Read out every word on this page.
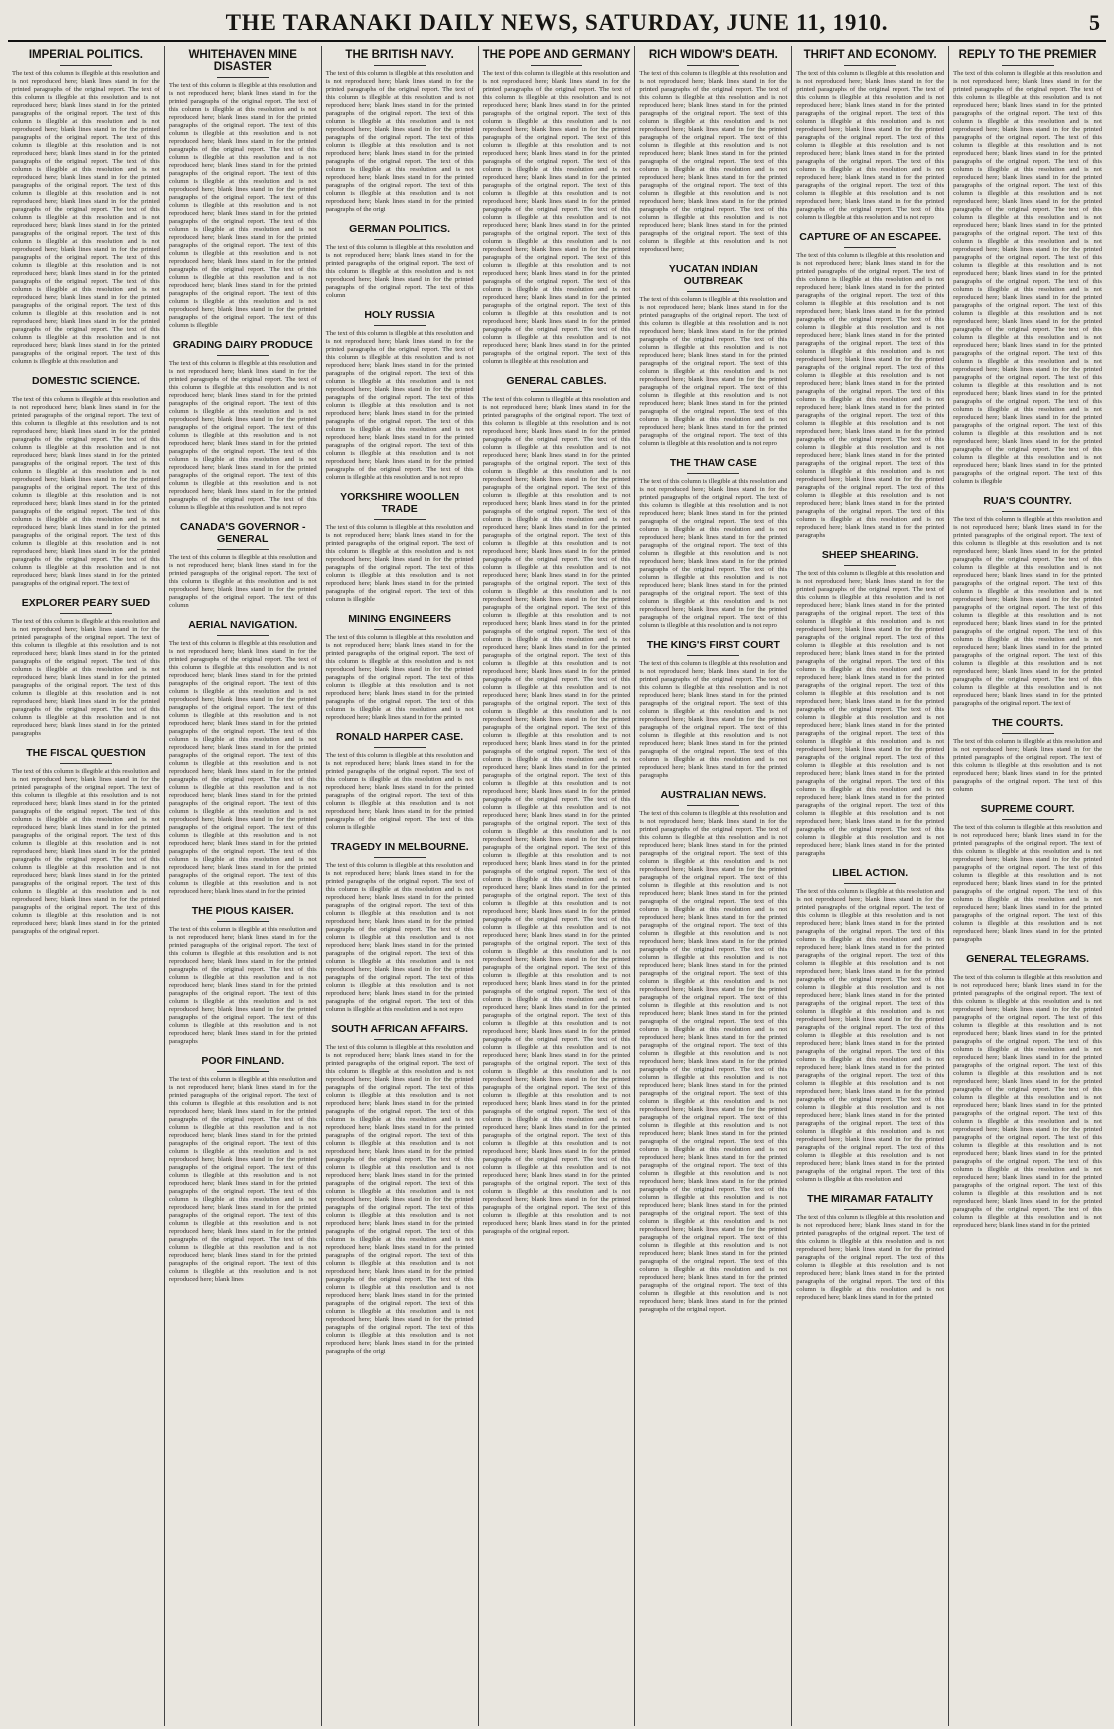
THE TARANAKI DAILY NEWS, SATURDAY, JUNE 11, 1910.	5
IMPERIAL POLITICS.

The text of this column is illegible at this resolution and is not reproduced here; blank lines stand in for the printed paragraphs of the original report. The text of this column is illegible at this resolution and is not reproduced here; blank lines stand in for the printed paragraphs of the original report. The text of this column is illegible at this resolution and is not reproduced here; blank lines stand in for the printed paragraphs of the original report. The text of this column is illegible at this resolution and is not reproduced here; blank lines stand in for the printed paragraphs of the original report. The text of this column is illegible at this resolution and is not reproduced here; blank lines stand in for the printed paragraphs of the original report. The text of this column is illegible at this resolution and is not reproduced here; blank lines stand in for the printed paragraphs of the original report. The text of this column is illegible at this resolution and is not reproduced here; blank lines stand in for the printed paragraphs of the original report. The text of this column is illegible at this resolution and is not reproduced here; blank lines stand in for the printed paragraphs of the original report. The text of this column is illegible at this resolution and is not reproduced here; blank lines stand in for the printed paragraphs of the original report. The text of this column is illegible at this resolution and is not reproduced here; blank lines stand in for the printed paragraphs of the original report. The text of this column is illegible at this resolution and is not reproduced here; blank lines stand in for the printed paragraphs of the original report. The text of this column is illegible at this resolution and is not reproduced here; blank lines stand in for the printed paragraphs of the original report. The text of this column is illegible at this resolution and

DOMESTIC SCIENCE.

The text of this column is illegible at this resolution and is not reproduced here; blank lines stand in for the printed paragraphs of the original report. The text of this column is illegible at this resolution and is not reproduced here; blank lines stand in for the printed paragraphs of the original report. The text of this column is illegible at this resolution and is not reproduced here; blank lines stand in for the printed paragraphs of the original report. The text of this column is illegible at this resolution and is not reproduced here; blank lines stand in for the printed paragraphs of the original report. The text of this column is illegible at this resolution and is not reproduced here; blank lines stand in for the printed paragraphs of the original report. The text of this column is illegible at this resolution and is not reproduced here; blank lines stand in for the printed paragraphs of the original report. The text of this column is illegible at this resolution and is not reproduced here; blank lines stand in for the printed paragraphs of the original report. The text of this column is illegible at this resolution and is not reproduced here; blank lines stand in for the printed paragraphs of the original report. The text of

EXPLORER PEARY SUED

The text of this column is illegible at this resolution and is not reproduced here; blank lines stand in for the printed paragraphs of the original report. The text of this column is illegible at this resolution and is not reproduced here; blank lines stand in for the printed paragraphs of the original report. The text of this column is illegible at this resolution and is not reproduced here; blank lines stand in for the printed paragraphs of the original report. The text of this column is illegible at this resolution and is not reproduced here; blank lines stand in for the printed paragraphs of the original report. The text of this column is illegible at this resolution and is not reproduced here; blank lines stand in for the printed paragraphs

THE FISCAL QUESTION

The text of this column is illegible at this resolution and is not reproduced here; blank lines stand in for the printed paragraphs of the original report. The text of this column is illegible at this resolution and is not reproduced here; blank lines stand in for the printed paragraphs of the original report. The text of this column is illegible at this resolution and is not reproduced here; blank lines stand in for the printed paragraphs of the original report. The text of this column is illegible at this resolution and is not reproduced here; blank lines stand in for the printed paragraphs of the original report. The text of this column is illegible at this resolution and is not reproduced here; blank lines stand in for the printed paragraphs of the original report. The text of this column is illegible at this resolution and is not reproduced here; blank lines stand in for the printed paragraphs of the original report. The text of this column is illegible at this resolution and is not reproduced here; blank lines stand in for the printed paragraphs of the original report.

WHITEHAVEN MINE DISASTER

The text of this column is illegible at this resolution and is not reproduced here; blank lines stand in for the printed paragraphs of the original report. The text of this column is illegible at this resolution and is not reproduced here; blank lines stand in for the printed paragraphs of the original report. The text of this column is illegible at this resolution and is not reproduced here; blank lines stand in for the printed paragraphs of the original report. The text of this column is illegible at this resolution and is not reproduced here; blank lines stand in for the printed paragraphs of the original report. The text of this column is illegible at this resolution and is not reproduced here; blank lines stand in for the printed paragraphs of the original report. The text of this column is illegible at this resolution and is not reproduced here; blank lines stand in for the printed paragraphs of the original report. The text of this column is illegible at this resolution and is not reproduced here; blank lines stand in for the printed paragraphs of the original report. The text of this column is illegible at this resolution and is not reproduced here; blank lines stand in for the printed paragraphs of the original report. The text of this column is illegible at this resolution and is not reproduced here; blank lines stand in for the printed paragraphs of the original report. The text of this column is illegible at this resolution and is not reproduced here; blank lines stand in for the printed paragraphs of the original report. The text of this column is illegible

GRADING DAIRY PRODUCE

The text of this column is illegible at this resolution and is not reproduced here; blank lines stand in for the printed paragraphs of the original report. The text of this column is illegible at this resolution and is not reproduced here; blank lines stand in for the printed paragraphs of the original report. The text of this column is illegible at this resolution and is not reproduced here; blank lines stand in for the printed paragraphs of the original report. The text of this column is illegible at this resolution and is not reproduced here; blank lines stand in for the printed paragraphs of the original report. The text of this column is illegible at this resolution and is not reproduced here; blank lines stand in for the printed paragraphs of the original report. The text of this column is illegible at this resolution and is not reproduced here; blank lines stand in for the printed paragraphs of the original report. The text of this column is illegible at this resolution and is not repro

CANADA'S GOVERNOR - GENERAL

The text of this column is illegible at this resolution and is not reproduced here; blank lines stand in for the printed paragraphs of the original report. The text of this column is illegible at this resolution and is not reproduced here; blank lines stand in for the printed paragraphs of the original report. The text of this column

AERIAL NAVIGATION.

The text of this column is illegible at this resolution and is not reproduced here; blank lines stand in for the printed paragraphs of the original report. The text of this column is illegible at this resolution and is not reproduced here; blank lines stand in for the printed paragraphs of the original report. The text of this column is illegible at this resolution and is not reproduced here; blank lines stand in for the printed paragraphs of the original report. The text of this column is illegible at this resolution and is not reproduced here; blank lines stand in for the printed paragraphs of the original report. The text of this column is illegible at this resolution and is not reproduced here; blank lines stand in for the printed paragraphs of the original report. The text of this column is illegible at this resolution and is not reproduced here; blank lines stand in for the printed paragraphs of the original report. The text of this column is illegible at this resolution and is not reproduced here; blank lines stand in for the printed paragraphs of the original report. The text of this column is illegible at this resolution and is not reproduced here; blank lines stand in for the printed paragraphs of the original report. The text of this column is illegible at this resolution and is not reproduced here; blank lines stand in for the printed paragraphs of the original report. The text of this column is illegible at this resolution and is not reproduced here; blank lines stand in for the printed paragraphs of the original report. The text of this column is illegible at this resolution and is not reproduced here; blank lines stand in for the printed

THE PIOUS KAISER.

The text of this column is illegible at this resolution and is not reproduced here; blank lines stand in for the printed paragraphs of the original report. The text of this column is illegible at this resolution and is not reproduced here; blank lines stand in for the printed paragraphs of the original report. The text of this column is illegible at this resolution and is not reproduced here; blank lines stand in for the printed paragraphs of the original report. The text of this column is illegible at this resolution and is not reproduced here; blank lines stand in for the printed paragraphs of the original report. The text of this column is illegible at this resolution and is not reproduced here; blank lines stand in for the printed paragraphs

POOR FINLAND.

The text of this column is illegible at this resolution and is not reproduced here; blank lines stand in for the printed paragraphs of the original report. The text of this column is illegible at this resolution and is not reproduced here; blank lines stand in for the printed paragraphs of the original report. The text of this column is illegible at this resolution and is not reproduced here; blank lines stand in for the printed paragraphs of the original report. The text of this column is illegible at this resolution and is not reproduced here; blank lines stand in for the printed paragraphs of the original report. The text of this column is illegible at this resolution and is not reproduced here; blank lines stand in for the printed paragraphs of the original report. The text of this column is illegible at this resolution and is not reproduced here; blank lines stand in for the printed paragraphs of the original report. The text of this column is illegible at this resolution and is not reproduced here; blank lines stand in for the printed paragraphs of the original report. The text of this column is illegible at this resolution and is not reproduced here; blank lines stand in for the printed paragraphs of the original report. The text of this column is illegible at this resolution and is not reproduced here; blank lines

THE BRITISH NAVY.

The text of this column is illegible at this resolution and is not reproduced here; blank lines stand in for the printed paragraphs of the original report. The text of this column is illegible at this resolution and is not reproduced here; blank lines stand in for the printed paragraphs of the original report. The text of this column is illegible at this resolution and is not reproduced here; blank lines stand in for the printed paragraphs of the original report. The text of this column is illegible at this resolution and is not reproduced here; blank lines stand in for the printed paragraphs of the original report. The text of this column is illegible at this resolution and is not reproduced here; blank lines stand in for the printed paragraphs of the original report. The text of this column is illegible at this resolution and is not reproduced here; blank lines stand in for the printed paragraphs of the origi

GERMAN POLITICS.

The text of this column is illegible at this resolution and is not reproduced here; blank lines stand in for the printed paragraphs of the original report. The text of this column is illegible at this resolution and is not reproduced here; blank lines stand in for the printed paragraphs of the original report. The text of this column

HOLY RUSSIA

The text of this column is illegible at this resolution and is not reproduced here; blank lines stand in for the printed paragraphs of the original report. The text of this column is illegible at this resolution and is not reproduced here; blank lines stand in for the printed paragraphs of the original report. The text of this column is illegible at this resolution and is not reproduced here; blank lines stand in for the printed paragraphs of the original report. The text of this column is illegible at this resolution and is not reproduced here; blank lines stand in for the printed paragraphs of the original report. The text of this column is illegible at this resolution and is not reproduced here; blank lines stand in for the printed paragraphs of the original report. The text of this column is illegible at this resolution and is not reproduced here; blank lines stand in for the printed paragraphs of the original report. The text of this column is illegible at this resolution and is not repro

YORKSHIRE WOOLLEN TRADE

The text of this column is illegible at this resolution and is not reproduced here; blank lines stand in for the printed paragraphs of the original report. The text of this column is illegible at this resolution and is not reproduced here; blank lines stand in for the printed paragraphs of the original report. The text of this column is illegible at this resolution and is not reproduced here; blank lines stand in for the printed paragraphs of the original report. The text of this column is illegible

MINING ENGINEERS

The text of this column is illegible at this resolution and is not reproduced here; blank lines stand in for the printed paragraphs of the original report. The text of this column is illegible at this resolution and is not reproduced here; blank lines stand in for the printed paragraphs of the original report. The text of this column is illegible at this resolution and is not reproduced here; blank lines stand in for the printed paragraphs of the original report. The text of this column is illegible at this resolution and is not reproduced here; blank lines stand in for the printed

RONALD HARPER CASE.

The text of this column is illegible at this resolution and is not reproduced here; blank lines stand in for the printed paragraphs of the original report. The text of this column is illegible at this resolution and is not reproduced here; blank lines stand in for the printed paragraphs of the original report. The text of this column is illegible at this resolution and is not reproduced here; blank lines stand in for the printed paragraphs of the original report. The text of this column is illegible

TRAGEDY IN MELBOURNE.

The text of this column is illegible at this resolution and is not reproduced here; blank lines stand in for the printed paragraphs of the original report. The text of this column is illegible at this resolution and is not reproduced here; blank lines stand in for the printed paragraphs of the original report. The text of this column is illegible at this resolution and is not reproduced here; blank lines stand in for the printed paragraphs of the original report. The text of this column is illegible at this resolution and is not reproduced here; blank lines stand in for the printed paragraphs of the original report. The text of this column is illegible at this resolution and is not reproduced here; blank lines stand in for the printed paragraphs of the original report. The text of this column is illegible at this resolution and is not reproduced here; blank lines stand in for the printed paragraphs of the original report. The text of this column is illegible at this resolution and is not repro

SOUTH AFRICAN AFFAIRS.

The text of this column is illegible at this resolution and is not reproduced here; blank lines stand in for the printed paragraphs of the original report. The text of this column is illegible at this resolution and is not reproduced here; blank lines stand in for the printed paragraphs of the original report. The text of this column is illegible at this resolution and is not reproduced here; blank lines stand in for the printed paragraphs of the original report. The text of this column is illegible at this resolution and is not reproduced here; blank lines stand in for the printed paragraphs of the original report. The text of this column is illegible at this resolution and is not reproduced here; blank lines stand in for the printed paragraphs of the original report. The text of this column is illegible at this resolution and is not reproduced here; blank lines stand in for the printed paragraphs of the original report. The text of this column is illegible at this resolution and is not reproduced here; blank lines stand in for the printed paragraphs of the original report. The text of this column is illegible at this resolution and is not reproduced here; blank lines stand in for the printed paragraphs of the original report. The text of this column is illegible at this resolution and is not reproduced here; blank lines stand in for the printed paragraphs of the original report. The text of this column is illegible at this resolution and is not reproduced here; blank lines stand in for the printed paragraphs of the original report. The text of this column is illegible at this resolution and is not reproduced here; blank lines stand in for the printed paragraphs of the original report. The text of this column is illegible at this resolution and is not reproduced here; blank lines stand in for the printed paragraphs of the original report. The text of this column is illegible at this resolution and is not reproduced here; blank lines stand in for the printed paragraphs of the origi

THE POPE AND GERMANY

The text of this column is illegible at this resolution and is not reproduced here; blank lines stand in for the printed paragraphs of the original report. The text of this column is illegible at this resolution and is not reproduced here; blank lines stand in for the printed paragraphs of the original report. The text of this column is illegible at this resolution and is not reproduced here; blank lines stand in for the printed paragraphs of the original report. The text of this column is illegible at this resolution and is not reproduced here; blank lines stand in for the printed paragraphs of the original report. The text of this column is illegible at this resolution and is not reproduced here; blank lines stand in for the printed paragraphs of the original report. The text of this column is illegible at this resolution and is not reproduced here; blank lines stand in for the printed paragraphs of the original report. The text of this column is illegible at this resolution and is not reproduced here; blank lines stand in for the printed paragraphs of the original report. The text of this column is illegible at this resolution and is not reproduced here; blank lines stand in for the printed paragraphs of the original report. The text of this column is illegible at this resolution and is not reproduced here; blank lines stand in for the printed paragraphs of the original report. The text of this column is illegible at this resolution and is not reproduced here; blank lines stand in for the printed paragraphs of the original report. The text of this column is illegible at this resolution and is not reproduced here; blank lines stand in for the printed paragraphs of the original report. The text of this column is illegible at this resolution and is not reproduced here; blank lines stand in for the printed paragraphs of the original report. The text of this column is illegible at this resolution and

GENERAL CABLES.

The text of this column is illegible at this resolution and is not reproduced here; blank lines stand in for the printed paragraphs of the original report. The text of this column is illegible at this resolution and is not reproduced here; blank lines stand in for the printed paragraphs of the original report. The text of this column is illegible at this resolution and is not reproduced here; blank lines stand in for the printed paragraphs of the original report. The text of this column is illegible at this resolution and is not reproduced here; blank lines stand in for the printed paragraphs of the original report. The text of this column is illegible at this resolution and is not reproduced here; blank lines stand in for the printed paragraphs of the original report. The text of this column is illegible at this resolution and is not reproduced here; blank lines stand in for the printed paragraphs of the original report. The text of this column is illegible at this resolution and is not reproduced here; blank lines stand in for the printed paragraphs of the original report. The text of this column is illegible at this resolution and is not reproduced here; blank lines stand in for the printed paragraphs of the original report. The text of this column is illegible at this resolution and is not reproduced here; blank lines stand in for the printed paragraphs of the original report. The text of this column is illegible at this resolution and is not reproduced here; blank lines stand in for the printed paragraphs of the original report. The text of this column is illegible at this resolution and is not reproduced here; blank lines stand in for the printed paragraphs of the original report. The text of this column is illegible at this resolution and is not reproduced here; blank lines stand in for the printed paragraphs of the original report. The text of this column is illegible at this resolution and is not reproduced here; blank lines stand in for the printed paragraphs of the original report. The text of this column is illegible at this resolution and is not reproduced here; blank lines stand in for the printed paragraphs of the original report. The text of this column is illegible at this resolution and is not reproduced here; blank lines stand in for the printed paragraphs of the original report. The text of this column is illegible at this resolution and is not reproduced here; blank lines stand in for the printed paragraphs of the original report. The text of this column is illegible at this resolution and is not reproduced here; blank lines stand in for the printed paragraphs of the original report. The text of this column is illegible at this resolution and is not reproduced here; blank lines stand in for the printed paragraphs of the original report. The text of this column is illegible at this resolution and is not reproduced here; blank lines stand in for the printed paragraphs of the original report. The text of this column is illegible at this resolution and is not reproduced here; blank lines stand in for the printed paragraphs of the original report. The text of this column is illegible at this resolution and is not reproduced here; blank lines stand in for the printed paragraphs of the original report. The text of this column is illegible at this resolution and is not reproduced here; blank lines stand in for the printed paragraphs of the original report. The text of this column is illegible at this resolution and is not reproduced here; blank lines stand in for the printed paragraphs of the original report. The text of this column is illegible at this resolution and is not reproduced here; blank lines stand in for the printed paragraphs of the original report. The text of this column is illegible at this resolution and is not reproduced here; blank lines stand in for the printed paragraphs of the original report. The text of this column is illegible at this resolution and is not reproduced here; blank lines stand in for the printed paragraphs of the original report. The text of this column is illegible at this resolution and is not reproduced here; blank lines stand in for the printed paragraphs of the original report. The text of this column is illegible at this resolution and is not reproduced here; blank lines stand in for the printed paragraphs of the original report. The text of this column is illegible at this resolution and is not reproduced here; blank lines stand in for the printed paragraphs of the original report. The text of this column is illegible at this resolution and is not reproduced here; blank lines stand in for the printed paragraphs of the original report. The text of this column is illegible at this resolution and is not reproduced here; blank lines stand in for the printed paragraphs of the original report. The text of this column is illegible at this resolution and is not reproduced here; blank lines stand in for the printed paragraphs of the original report. The text of this column is illegible at this resolution and is not reproduced here; blank lines stand in for the printed paragraphs of the original report. The text of this column is illegible at this resolution and is not reproduced here; blank lines stand in for the printed paragraphs of the original report. The text of this column is illegible at this resolution and is not reproduced here; blank lines stand in for the printed paragraphs of the original report.

RICH WIDOW'S DEATH.

The text of this column is illegible at this resolution and is not reproduced here; blank lines stand in for the printed paragraphs of the original report. The text of this column is illegible at this resolution and is not reproduced here; blank lines stand in for the printed paragraphs of the original report. The text of this column is illegible at this resolution and is not reproduced here; blank lines stand in for the printed paragraphs of the original report. The text of this column is illegible at this resolution and is not reproduced here; blank lines stand in for the printed paragraphs of the original report. The text of this column is illegible at this resolution and is not reproduced here; blank lines stand in for the printed paragraphs of the original report. The text of this column is illegible at this resolution and is not reproduced here; blank lines stand in for the printed paragraphs of the original report. The text of this column is illegible at this resolution and is not reproduced here; blank lines stand in for the printed paragraphs of the original report. The text of this column is illegible at this resolution and is not reproduced here;

YUCATAN INDIAN OUTBREAK

The text of this column is illegible at this resolution and is not reproduced here; blank lines stand in for the printed paragraphs of the original report. The text of this column is illegible at this resolution and is not reproduced here; blank lines stand in for the printed paragraphs of the original report. The text of this column is illegible at this resolution and is not reproduced here; blank lines stand in for the printed paragraphs of the original report. The text of this column is illegible at this resolution and is not reproduced here; blank lines stand in for the printed paragraphs of the original report. The text of this column is illegible at this resolution and is not reproduced here; blank lines stand in for the printed paragraphs of the original report. The text of this column is illegible at this resolution and is not reproduced here; blank lines stand in for the printed paragraphs of the original report. The text of this column is illegible at this resolution and is not repro

THE THAW CASE

The text of this column is illegible at this resolution and is not reproduced here; blank lines stand in for the printed paragraphs of the original report. The text of this column is illegible at this resolution and is not reproduced here; blank lines stand in for the printed paragraphs of the original report. The text of this column is illegible at this resolution and is not reproduced here; blank lines stand in for the printed paragraphs of the original report. The text of this column is illegible at this resolution and is not reproduced here; blank lines stand in for the printed paragraphs of the original report. The text of this column is illegible at this resolution and is not reproduced here; blank lines stand in for the printed paragraphs of the original report. The text of this column is illegible at this resolution and is not reproduced here; blank lines stand in for the printed paragraphs of the original report. The text of this column is illegible at this resolution and is not repro

THE KING'S FIRST COURT

The text of this column is illegible at this resolution and is not reproduced here; blank lines stand in for the printed paragraphs of the original report. The text of this column is illegible at this resolution and is not reproduced here; blank lines stand in for the printed paragraphs of the original report. The text of this column is illegible at this resolution and is not reproduced here; blank lines stand in for the printed paragraphs of the original report. The text of this column is illegible at this resolution and is not reproduced here; blank lines stand in for the printed paragraphs of the original report. The text of this column is illegible at this resolution and is not reproduced here; blank lines stand in for the printed paragraphs

AUSTRALIAN NEWS.

The text of this column is illegible at this resolution and is not reproduced here; blank lines stand in for the printed paragraphs of the original report. The text of this column is illegible at this resolution and is not reproduced here; blank lines stand in for the printed paragraphs of the original report. The text of this column is illegible at this resolution and is not reproduced here; blank lines stand in for the printed paragraphs of the original report. The text of this column is illegible at this resolution and is not reproduced here; blank lines stand in for the printed paragraphs of the original report. The text of this column is illegible at this resolution and is not reproduced here; blank lines stand in for the printed paragraphs of the original report. The text of this column is illegible at this resolution and is not reproduced here; blank lines stand in for the printed paragraphs of the original report. The text of this column is illegible at this resolution and is not reproduced here; blank lines stand in for the printed paragraphs of the original report. The text of this column is illegible at this resolution and is not reproduced here; blank lines stand in for the printed paragraphs of the original report. The text of this column is illegible at this resolution and is not reproduced here; blank lines stand in for the printed paragraphs of the original report. The text of this column is illegible at this resolution and is not reproduced here; blank lines stand in for the printed paragraphs of the original report. The text of this column is illegible at this resolution and is not reproduced here; blank lines stand in for the printed paragraphs of the original report. The text of this column is illegible at this resolution and is not reproduced here; blank lines stand in for the printed paragraphs of the original report. The text of this column is illegible at this resolution and is not reproduced here; blank lines stand in for the printed paragraphs of the original report. The text of this column is illegible at this resolution and is not reproduced here; blank lines stand in for the printed paragraphs of the original report. The text of this column is illegible at this resolution and is not reproduced here; blank lines stand in for the printed paragraphs of the original report. The text of this column is illegible at this resolution and is not reproduced here; blank lines stand in for the printed paragraphs of the original report. The text of this column is illegible at this resolution and is not reproduced here; blank lines stand in for the printed paragraphs of the original report. The text of this column is illegible at this resolution and is not reproduced here; blank lines stand in for the printed paragraphs of the original report. The text of this column is illegible at this resolution and is not reproduced here; blank lines stand in for the printed paragraphs of the original report. The text of this column is illegible at this resolution and is not reproduced here; blank lines stand in for the printed paragraphs of the original report. The text of this column is illegible at this resolution and is not reproduced here; blank lines stand in for the printed paragraphs of the original report.

THRIFT AND ECONOMY.

The text of this column is illegible at this resolution and is not reproduced here; blank lines stand in for the printed paragraphs of the original report. The text of this column is illegible at this resolution and is not reproduced here; blank lines stand in for the printed paragraphs of the original report. The text of this column is illegible at this resolution and is not reproduced here; blank lines stand in for the printed paragraphs of the original report. The text of this column is illegible at this resolution and is not reproduced here; blank lines stand in for the printed paragraphs of the original report. The text of this column is illegible at this resolution and is not reproduced here; blank lines stand in for the printed paragraphs of the original report. The text of this column is illegible at this resolution and is not reproduced here; blank lines stand in for the printed paragraphs of the original report. The text of this column is illegible at this resolution and is not repro

CAPTURE OF AN ESCAPEE.

The text of this column is illegible at this resolution and is not reproduced here; blank lines stand in for the printed paragraphs of the original report. The text of this column is illegible at this resolution and is not reproduced here; blank lines stand in for the printed paragraphs of the original report. The text of this column is illegible at this resolution and is not reproduced here; blank lines stand in for the printed paragraphs of the original report. The text of this column is illegible at this resolution and is not reproduced here; blank lines stand in for the printed paragraphs of the original report. The text of this column is illegible at this resolution and is not reproduced here; blank lines stand in for the printed paragraphs of the original report. The text of this column is illegible at this resolution and is not reproduced here; blank lines stand in for the printed paragraphs of the original report. The text of this column is illegible at this resolution and is not reproduced here; blank lines stand in for the printed paragraphs of the original report. The text of this column is illegible at this resolution and is not reproduced here; blank lines stand in for the printed paragraphs of the original report. The text of this column is illegible at this resolution and is not reproduced here; blank lines stand in for the printed paragraphs of the original report. The text of this column is illegible at this resolution and is not reproduced here; blank lines stand in for the printed paragraphs of the original report. The text of this column is illegible at this resolution and is not reproduced here; blank lines stand in for the printed paragraphs of the original report. The text of this column is illegible at this resolution and is not reproduced here; blank lines stand in for the printed paragraphs

SHEEP SHEARING.

The text of this column is illegible at this resolution and is not reproduced here; blank lines stand in for the printed paragraphs of the original report. The text of this column is illegible at this resolution and is not reproduced here; blank lines stand in for the printed paragraphs of the original report. The text of this column is illegible at this resolution and is not reproduced here; blank lines stand in for the printed paragraphs of the original report. The text of this column is illegible at this resolution and is not reproduced here; blank lines stand in for the printed paragraphs of the original report. The text of this column is illegible at this resolution and is not reproduced here; blank lines stand in for the printed paragraphs of the original report. The text of this column is illegible at this resolution and is not reproduced here; blank lines stand in for the printed paragraphs of the original report. The text of this column is illegible at this resolution and is not reproduced here; blank lines stand in for the printed paragraphs of the original report. The text of this column is illegible at this resolution and is not reproduced here; blank lines stand in for the printed paragraphs of the original report. The text of this column is illegible at this resolution and is not reproduced here; blank lines stand in for the printed paragraphs of the original report. The text of this column is illegible at this resolution and is not reproduced here; blank lines stand in for the printed paragraphs of the original report. The text of this column is illegible at this resolution and is not reproduced here; blank lines stand in for the printed paragraphs of the original report. The text of this column is illegible at this resolution and is not reproduced here; blank lines stand in for the printed paragraphs

LIBEL ACTION.

The text of this column is illegible at this resolution and is not reproduced here; blank lines stand in for the printed paragraphs of the original report. The text of this column is illegible at this resolution and is not reproduced here; blank lines stand in for the printed paragraphs of the original report. The text of this column is illegible at this resolution and is not reproduced here; blank lines stand in for the printed paragraphs of the original report. The text of this column is illegible at this resolution and is not reproduced here; blank lines stand in for the printed paragraphs of the original report. The text of this column is illegible at this resolution and is not reproduced here; blank lines stand in for the printed paragraphs of the original report. The text of this column is illegible at this resolution and is not reproduced here; blank lines stand in for the printed paragraphs of the original report. The text of this column is illegible at this resolution and is not reproduced here; blank lines stand in for the printed paragraphs of the original report. The text of this column is illegible at this resolution and is not reproduced here; blank lines stand in for the printed paragraphs of the original report. The text of this column is illegible at this resolution and is not reproduced here; blank lines stand in for the printed paragraphs of the original report. The text of this column is illegible at this resolution and is not reproduced here; blank lines stand in for the printed paragraphs of the original report. The text of this column is illegible at this resolution and is not reproduced here; blank lines stand in for the printed paragraphs of the original report. The text of this column is illegible at this resolution and is not reproduced here; blank lines stand in for the printed paragraphs of the original report. The text of this column is illegible at this resolution and

THE MIRAMAR FATALITY

The text of this column is illegible at this resolution and is not reproduced here; blank lines stand in for the printed paragraphs of the original report. The text of this column is illegible at this resolution and is not reproduced here; blank lines stand in for the printed paragraphs of the original report. The text of this column is illegible at this resolution and is not reproduced here; blank lines stand in for the printed paragraphs of the original report. The text of this column is illegible at this resolution and is not reproduced here; blank lines stand in for the printed

REPLY TO THE PREMIER

The text of this column is illegible at this resolution and is not reproduced here; blank lines stand in for the printed paragraphs of the original report. The text of this column is illegible at this resolution and is not reproduced here; blank lines stand in for the printed paragraphs of the original report. The text of this column is illegible at this resolution and is not reproduced here; blank lines stand in for the printed paragraphs of the original report. The text of this column is illegible at this resolution and is not reproduced here; blank lines stand in for the printed paragraphs of the original report. The text of this column is illegible at this resolution and is not reproduced here; blank lines stand in for the printed paragraphs of the original report. The text of this column is illegible at this resolution and is not reproduced here; blank lines stand in for the printed paragraphs of the original report. The text of this column is illegible at this resolution and is not reproduced here; blank lines stand in for the printed paragraphs of the original report. The text of this column is illegible at this resolution and is not reproduced here; blank lines stand in for the printed paragraphs of the original report. The text of this column is illegible at this resolution and is not reproduced here; blank lines stand in for the printed paragraphs of the original report. The text of this column is illegible at this resolution and is not reproduced here; blank lines stand in for the printed paragraphs of the original report. The text of this column is illegible at this resolution and is not reproduced here; blank lines stand in for the printed paragraphs of the original report. The text of this column is illegible at this resolution and is not reproduced here; blank lines stand in for the printed paragraphs of the original report. The text of this column is illegible at this resolution and is not reproduced here; blank lines stand in for the printed paragraphs of the original report. The text of this column is illegible at this resolution and is not reproduced here; blank lines stand in for the printed paragraphs of the original report. The text of this column is illegible at this resolution and is not reproduced here; blank lines stand in for the printed paragraphs of the original report. The text of this column is illegible at this resolution and is not reproduced here; blank lines stand in for the printed paragraphs of the original report. The text of this column is illegible at this resolution and is not reproduced here; blank lines stand in for the printed paragraphs of the original report. The text of this column is illegible

RUA'S COUNTRY.

The text of this column is illegible at this resolution and is not reproduced here; blank lines stand in for the printed paragraphs of the original report. The text of this column is illegible at this resolution and is not reproduced here; blank lines stand in for the printed paragraphs of the original report. The text of this column is illegible at this resolution and is not reproduced here; blank lines stand in for the printed paragraphs of the original report. The text of this column is illegible at this resolution and is not reproduced here; blank lines stand in for the printed paragraphs of the original report. The text of this column is illegible at this resolution and is not reproduced here; blank lines stand in for the printed paragraphs of the original report. The text of this column is illegible at this resolution and is not reproduced here; blank lines stand in for the printed paragraphs of the original report. The text of this column is illegible at this resolution and is not reproduced here; blank lines stand in for the printed paragraphs of the original report. The text of this column is illegible at this resolution and is not reproduced here; blank lines stand in for the printed paragraphs of the original report. The text of

THE COURTS.

The text of this column is illegible at this resolution and is not reproduced here; blank lines stand in for the printed paragraphs of the original report. The text of this column is illegible at this resolution and is not reproduced here; blank lines stand in for the printed paragraphs of the original report. The text of this column

SUPREME COURT.

The text of this column is illegible at this resolution and is not reproduced here; blank lines stand in for the printed paragraphs of the original report. The text of this column is illegible at this resolution and is not reproduced here; blank lines stand in for the printed paragraphs of the original report. The text of this column is illegible at this resolution and is not reproduced here; blank lines stand in for the printed paragraphs of the original report. The text of this column is illegible at this resolution and is not reproduced here; blank lines stand in for the printed paragraphs of the original report. The text of this column is illegible at this resolution and is not reproduced here; blank lines stand in for the printed paragraphs

GENERAL TELEGRAMS.

The text of this column is illegible at this resolution and is not reproduced here; blank lines stand in for the printed paragraphs of the original report. The text of this column is illegible at this resolution and is not reproduced here; blank lines stand in for the printed paragraphs of the original report. The text of this column is illegible at this resolution and is not reproduced here; blank lines stand in for the printed paragraphs of the original report. The text of this column is illegible at this resolution and is not reproduced here; blank lines stand in for the printed paragraphs of the original report. The text of this column is illegible at this resolution and is not reproduced here; blank lines stand in for the printed paragraphs of the original report. The text of this column is illegible at this resolution and is not reproduced here; blank lines stand in for the printed paragraphs of the original report. The text of this column is illegible at this resolution and is not reproduced here; blank lines stand in for the printed paragraphs of the original report. The text of this column is illegible at this resolution and is not reproduced here; blank lines stand in for the printed paragraphs of the original report. The text of this column is illegible at this resolution and is not reproduced here; blank lines stand in for the printed paragraphs of the original report. The text of this column is illegible at this resolution and is not reproduced here; blank lines stand in for the printed paragraphs of the original report. The text of this column is illegible at this resolution and is not reproduced here; blank lines stand in for the printed
